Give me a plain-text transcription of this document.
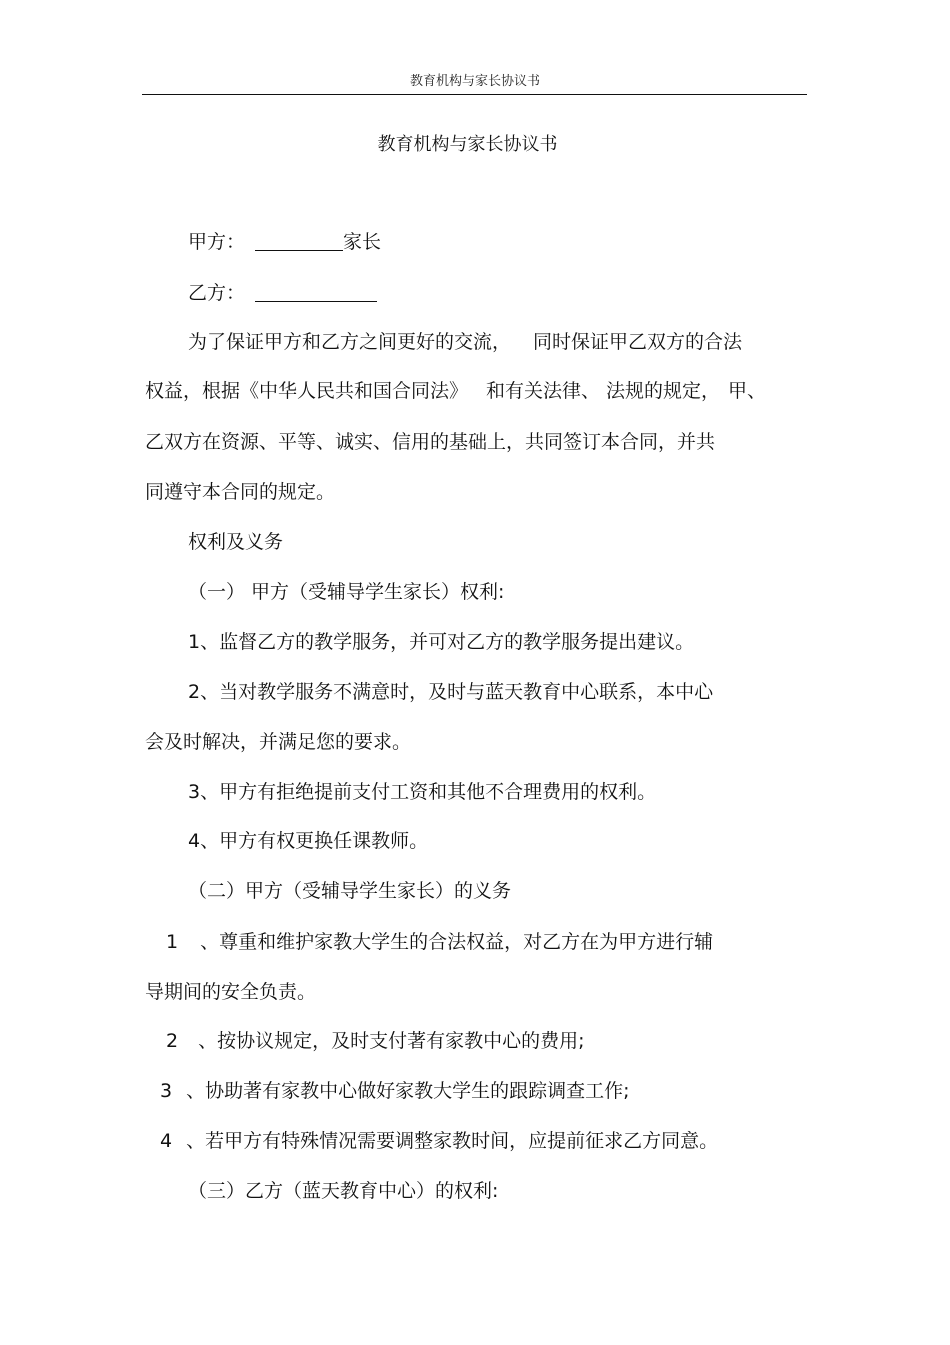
教育机构与家长协议书
教育机构与家长协议书
甲方：	家长
乙方：
为了保证甲方和乙方之间更好的交流， 同时保证甲乙双方的合法
权益，根据《中华人民共和国合同法》 和有关法律、 法规的规定， 甲、
乙双方在资源、平等、诚实、信用的基础上，共同签订本合同，并共
同遵守本合同的规定。
权利及义务
（一） 甲方（受辅导学生家长）权利:
1、监督乙方的教学服务，并可对乙方的教学服务提出建议。
2、当对教学服务不满意时，及时与蓝天教育中心联系，本中心
会及时解决，并满足您的要求。
3、甲方有拒绝提前支付工资和其他不合理费用的权利。
4、甲方有权更换任课教师。
（二）甲方（受辅导学生家长）的义务
1 、尊重和维护家教大学生的合法权益，对乙方在为甲方进行辅
导期间的安全负责。
2 、按协议规定，及时支付著有家教中心的费用;
3 、协助著有家教中心做好家教大学生的跟踪调查工作;
4 、若甲方有特殊情况需要调整家教时间，应提前征求乙方同意。
（三）乙方（蓝天教育中心）的权利:
